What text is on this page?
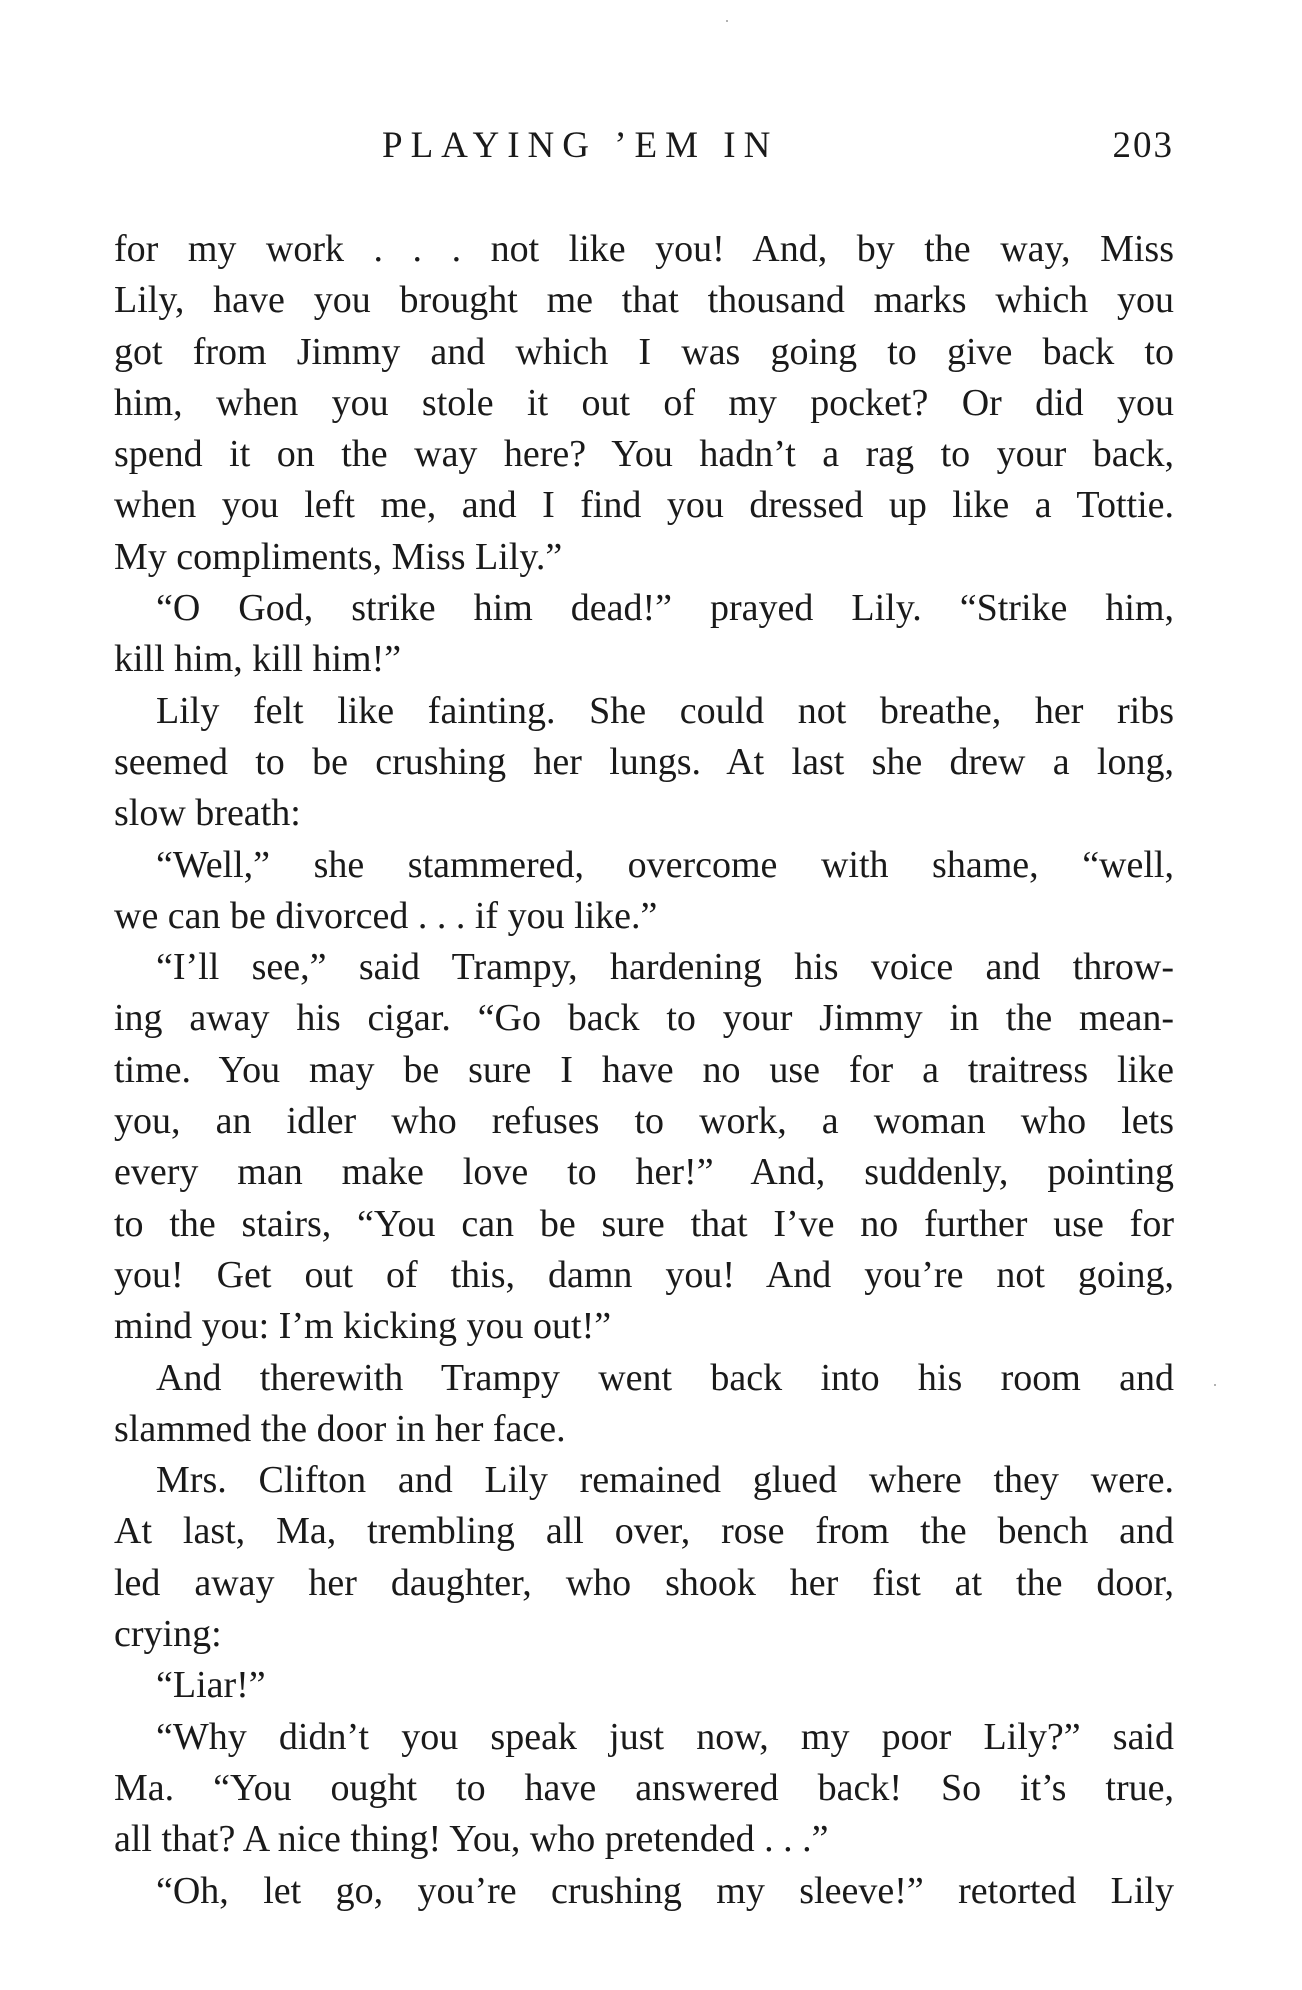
PLAYING ’EM IN	203
for my work . . . not like you! And, by the way, Miss
Lily, have you brought me that thousand marks which you
got from Jimmy and which I was going to give back to
him, when you stole it out of my pocket? Or did you
spend it on the way here? You hadn’t a rag to your back,
when you left me, and I find you dressed up like a Tottie.
My compliments, Miss Lily.”
“O God, strike him dead!” prayed Lily. “Strike him,
kill him, kill him!”
Lily felt like fainting. She could not breathe, her ribs
seemed to be crushing her lungs. At last she drew a long,
slow breath:
“Well,” she stammered, overcome with shame, “well,
we can be divorced . . . if you like.”
“I’ll see,” said Trampy, hardening his voice and throw-
ing away his cigar. “Go back to your Jimmy in the mean-
time. You may be sure I have no use for a traitress like
you, an idler who refuses to work, a woman who lets
every man make love to her!” And, suddenly, pointing
to the stairs, “You can be sure that I’ve no further use for
you! Get out of this, damn you! And you’re not going,
mind you: I’m kicking you out!”
And therewith Trampy went back into his room and
slammed the door in her face.
Mrs. Clifton and Lily remained glued where they were.
At last, Ma, trembling all over, rose from the bench and
led away her daughter, who shook her fist at the door,
crying:
“Liar!”
“Why didn’t you speak just now, my poor Lily?” said
Ma. “You ought to have answered back! So it’s true,
all that? A nice thing! You, who pretended . . .”
“Oh, let go, you’re crushing my sleeve!” retorted Lily
